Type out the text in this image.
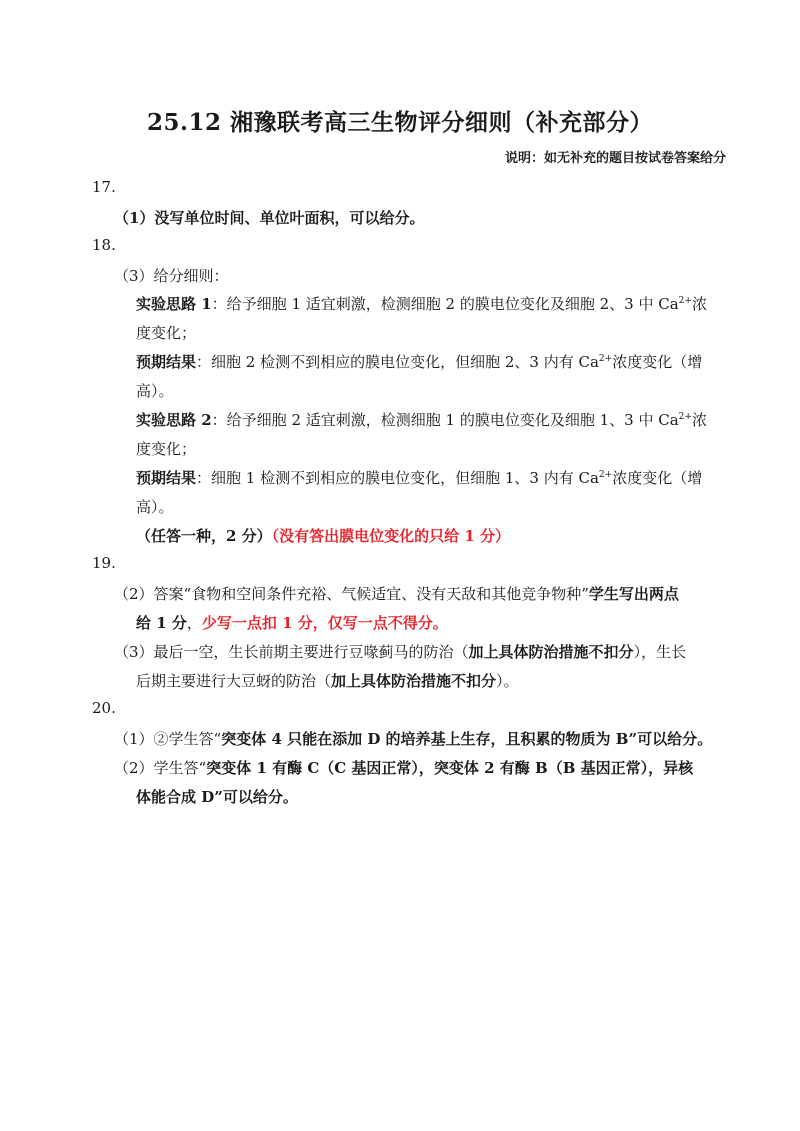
25.12 湘豫联考高三生物评分细则（补充部分）
说明：如无补充的题目按试卷答案给分
17.
（1）没写单位时间、单位叶面积，可以给分。
18.
（3）给分细则：
实验思路 1：给予细胞 1 适宜刺激，检测细胞 2 的膜电位变化及细胞 2、3 中 $Ca^{2+}$浓
度变化；
预期结果：细胞 2 检测不到相应的膜电位变化，但细胞 2、3 内有 $Ca^{2+}$浓度变化（增
高）。
实验思路 2：给予细胞 2 适宜刺激，检测细胞 1 的膜电位变化及细胞 1、3 中 $Ca^{2+}$浓
度变化；
预期结果：细胞 1 检测不到相应的膜电位变化，但细胞 1、3 内有 $Ca^{2+}$浓度变化（增
高）。
（任答一种，2 分）（没有答出膜电位变化的只给 1 分）
19.
（2）答案“食物和空间条件充裕、气候适宜、没有天敌和其他竞争物种”学生写出两点
给 1 分，少写一点扣 1 分，仅写一点不得分。
（3）最后一空，生长前期主要进行豆喙蓟马的防治（加上具体防治措施不扣分），生长
后期主要进行大豆蚜的防治（加上具体防治措施不扣分）。
20.
（1）②学生答“突变体 4 只能在添加 D 的培养基上生存，且积累的物质为 B”可以给分。
（2）学生答“突变体 1 有酶 C（C 基因正常），突变体 2 有酶 B（B 基因正常），异核
体能合成 D”可以给分。
